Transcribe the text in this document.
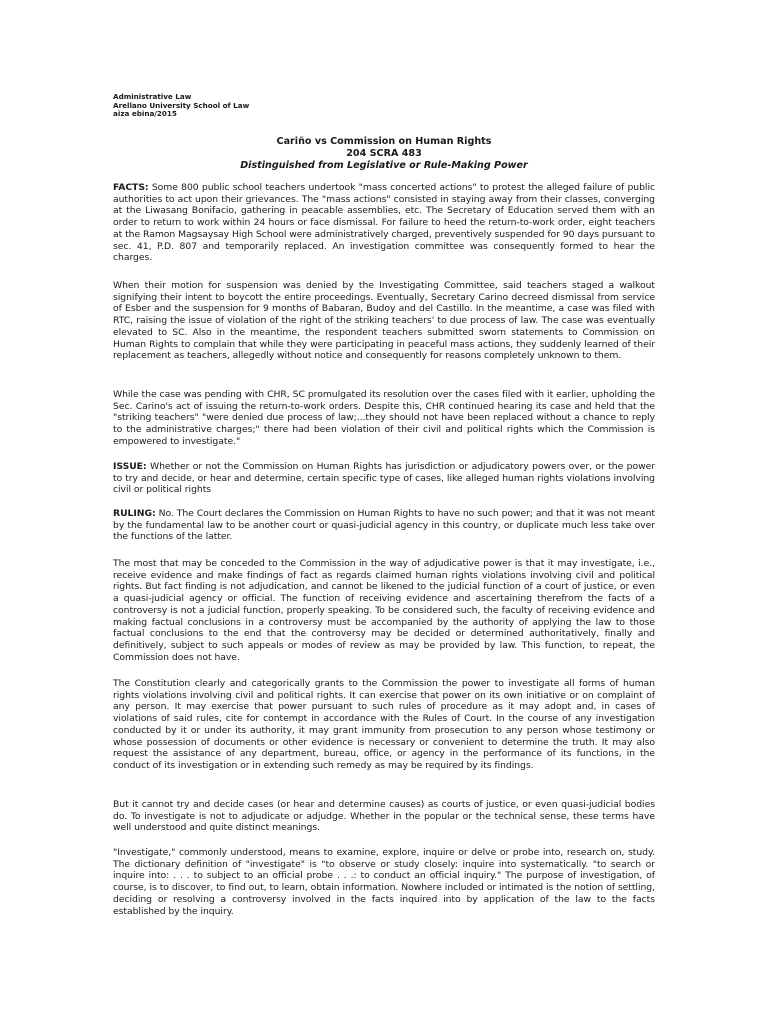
Administrative Law
Arellano University School of Law
aiza ebina/2015
Cariño vs Commission on Human Rights
204 SCRA 483
Distinguished from Legislative or Rule-Making Power

FACTS: Some 800 public school teachers undertook "mass concerted actions" to protest the alleged failure of public authorities to act upon their grievances. The "mass actions" consisted in staying away from their classes, converging at the Liwasang Bonifacio, gathering in peacable assemblies, etc. The Secretary of Education served them with an order to return to work within 24 hours or face dismissal. For failure to heed the return-to-work order, eight teachers at the Ramon Magsaysay High School were administratively charged, preventively suspended for 90 days pursuant to sec. 41, P.D. 807 and temporarily replaced. An investigation committee was consequently formed to hear the charges.

When their motion for suspension was denied by the Investigating Committee, said teachers staged a walkout signifying their intent to boycott the entire proceedings. Eventually, Secretary Carino decreed dismissal from service of Esber and the suspension for 9 months of Babaran, Budoy and del Castillo. In the meantime, a case was filed with RTC, raising the issue of violation of the right of the striking teachers' to due process of law. The case was eventually elevated to SC. Also in the meantime, the respondent teachers submitted sworn statements to Commission on Human Rights to complain that while they were participating in peaceful mass actions, they suddenly learned of their replacement as teachers, allegedly without notice and consequently for reasons completely unknown to them.

While the case was pending with CHR, SC promulgated its resolution over the cases filed with it earlier, upholding the Sec. Carino's act of issuing the return-to-work orders. Despite this, CHR continued hearing its case and held that the "striking teachers" "were denied due process of law;...they should not have been replaced without a chance to reply to the administrative charges;" there had been violation of their civil and political rights which the Commission is empowered to investigate."

ISSUE: Whether or not the Commission on Human Rights has jurisdiction or adjudicatory powers over, or the power to try and decide, or hear and determine, certain specific type of cases, like alleged human rights violations involving civil or political rights

RULING: No. The Court declares the Commission on Human Rights to have no such power; and that it was not meant by the fundamental law to be another court or quasi-judicial agency in this country, or duplicate much less take over the functions of the latter.

The most that may be conceded to the Commission in the way of adjudicative power is that it may investigate, i.e., receive evidence and make findings of fact as regards claimed human rights violations involving civil and political rights. But fact finding is not adjudication, and cannot be likened to the judicial function of a court of justice, or even a quasi-judicial agency or official. The function of receiving evidence and ascertaining therefrom the facts of a controversy is not a judicial function, properly speaking. To be considered such, the faculty of receiving evidence and making factual conclusions in a controversy must be accompanied by the authority of applying the law to those factual conclusions to the end that the controversy may be decided or determined authoritatively, finally and definitively, subject to such appeals or modes of review as may be provided by law. This function, to repeat, the Commission does not have.

The Constitution clearly and categorically grants to the Commission the power to investigate all forms of human rights violations involving civil and political rights. It can exercise that power on its own initiative or on complaint of any person. It may exercise that power pursuant to such rules of procedure as it may adopt and, in cases of violations of said rules, cite for contempt in accordance with the Rules of Court. In the course of any investigation conducted by it or under its authority, it may grant immunity from prosecution to any person whose testimony or whose possession of documents or other evidence is necessary or convenient to determine the truth. It may also request the assistance of any department, bureau, office, or agency in the performance of its functions, in the conduct of its investigation or in extending such remedy as may be required by its findings.

But it cannot try and decide cases (or hear and determine causes) as courts of justice, or even quasi-judicial bodies do. To investigate is not to adjudicate or adjudge. Whether in the popular or the technical sense, these terms have well understood and quite distinct meanings.

"Investigate," commonly understood, means to examine, explore, inquire or delve or probe into, research on, study. The dictionary definition of "investigate" is "to observe or study closely: inquire into systematically. "to search or inquire into: . . . to subject to an official probe . . .: to conduct an official inquiry." The purpose of investigation, of course, is to discover, to find out, to learn, obtain information. Nowhere included or intimated is the notion of settling, deciding or resolving a controversy involved in the facts inquired into by application of the law to the facts established by the inquiry.
